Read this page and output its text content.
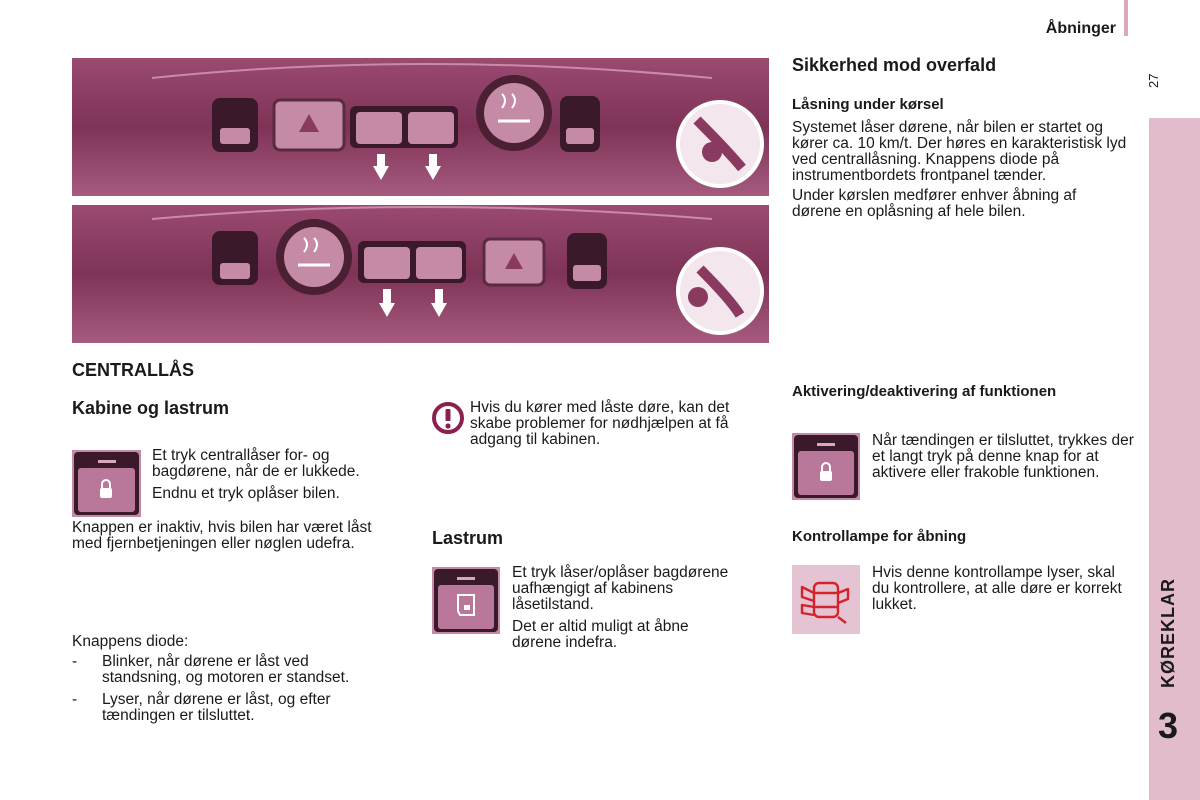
Åbninger
27
KØREKLAR
3
CENTRALLÅS
Kabine og lastrum

Et tryk centrallåser for- og bagdørene, når de er lukkede.

Endnu et tryk oplåser bilen.

Knappen er inaktiv, hvis bilen har været låst med fjernbetjeningen eller nøglen udefra.

Knappens diode:

- Blinker, når dørene er låst ved standsning, og motoren er standset.

- Lyser, når dørene er låst, og efter tændingen er tilsluttet.

Hvis du kører med låste døre, kan det skabe problemer for nødhjælpen at få adgang til kabinen.

Lastrum

Et tryk låser/oplåser bagdørene uafhængigt af kabinens låsetilstand.

Det er altid muligt at åbne dørene indefra.

Sikkerhed mod overfald
Låsning under kørsel

Systemet låser dørene, når bilen er startet og kører ca. 10 km/t. Der høres en karakteristisk lyd ved centrallåsning. Knappens diode på instrumentbordets frontpanel tænder.

Under kørslen medfører enhver åbning af dørene en oplåsning af hele bilen.

Aktivering/deaktivering af funktionen

Når tændingen er tilsluttet, trykkes der et langt tryk på denne knap for at aktivere eller frakoble funktionen.

Kontrollampe for åbning

Hvis denne kontrollampe lyser, skal du kontrollere, at alle døre er korrekt lukket.
